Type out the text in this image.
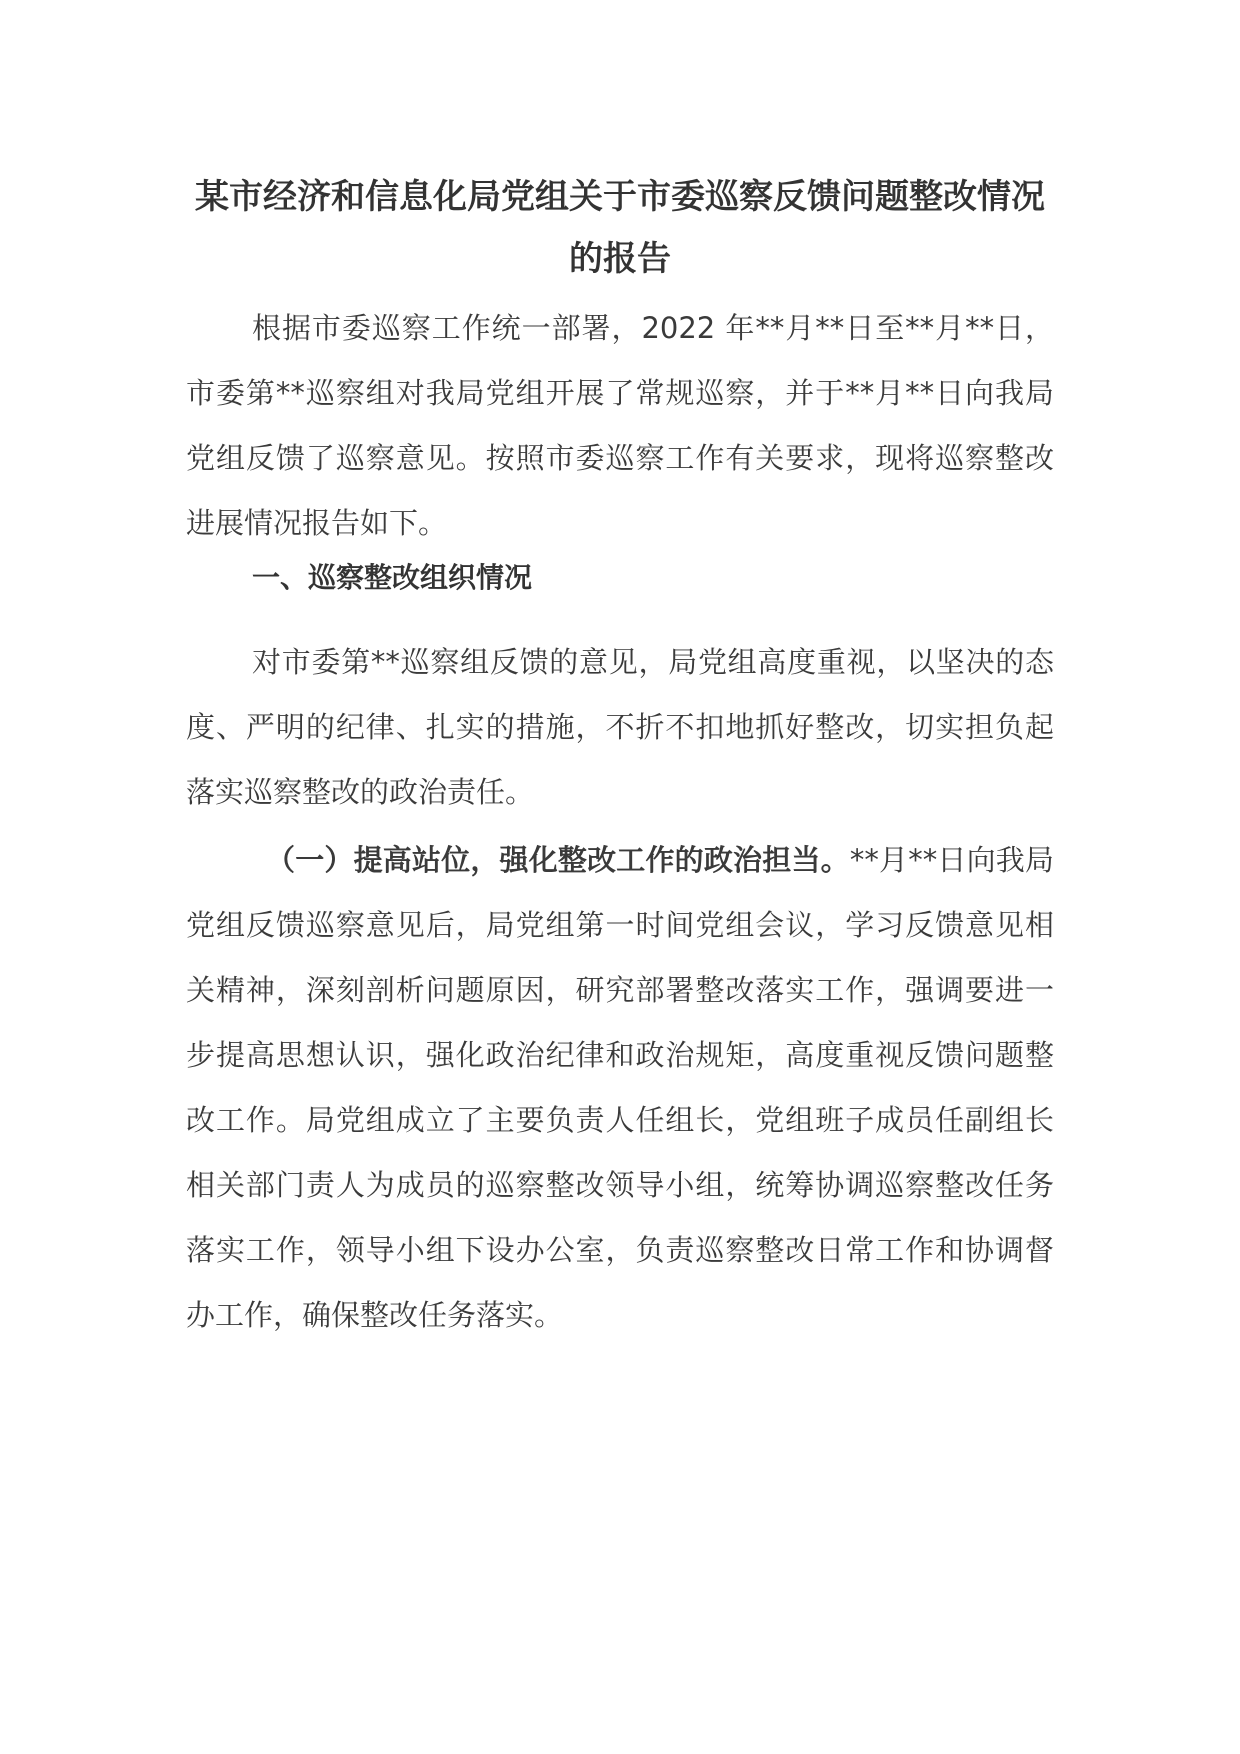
某市经济和信息化局党组关于市委巡察反馈问题整改情况的报告

根据市委巡察工作统一部署，2022 年**月**日至**月**日，市委第**巡察组对我局党组开展了常规巡察，并于**月**日向我局党组反馈了巡察意见。按照市委巡察工作有关要求，现将巡察整改进展情况报告如下。

一、巡察整改组织情况

对市委第**巡察组反馈的意见，局党组高度重视，以坚决的态度、严明的纪律、扎实的措施，不折不扣地抓好整改，切实担负起落实巡察整改的政治责任。

（一）提高站位，强化整改工作的政治担当。**月**日向我局党组反馈巡察意见后，局党组第一时间党组会议，学习反馈意见相关精神，深刻剖析问题原因，研究部署整改落实工作，强调要进一步提高思想认识，强化政治纪律和政治规矩，高度重视反馈问题整改工作。局党组成立了主要负责人任组长，党组班子成员任副组长相关部门责人为成员的巡察整改领导小组，统筹协调巡察整改任务落实工作，领导小组下设办公室，负责巡察整改日常工作和协调督办工作，确保整改任务落实。
